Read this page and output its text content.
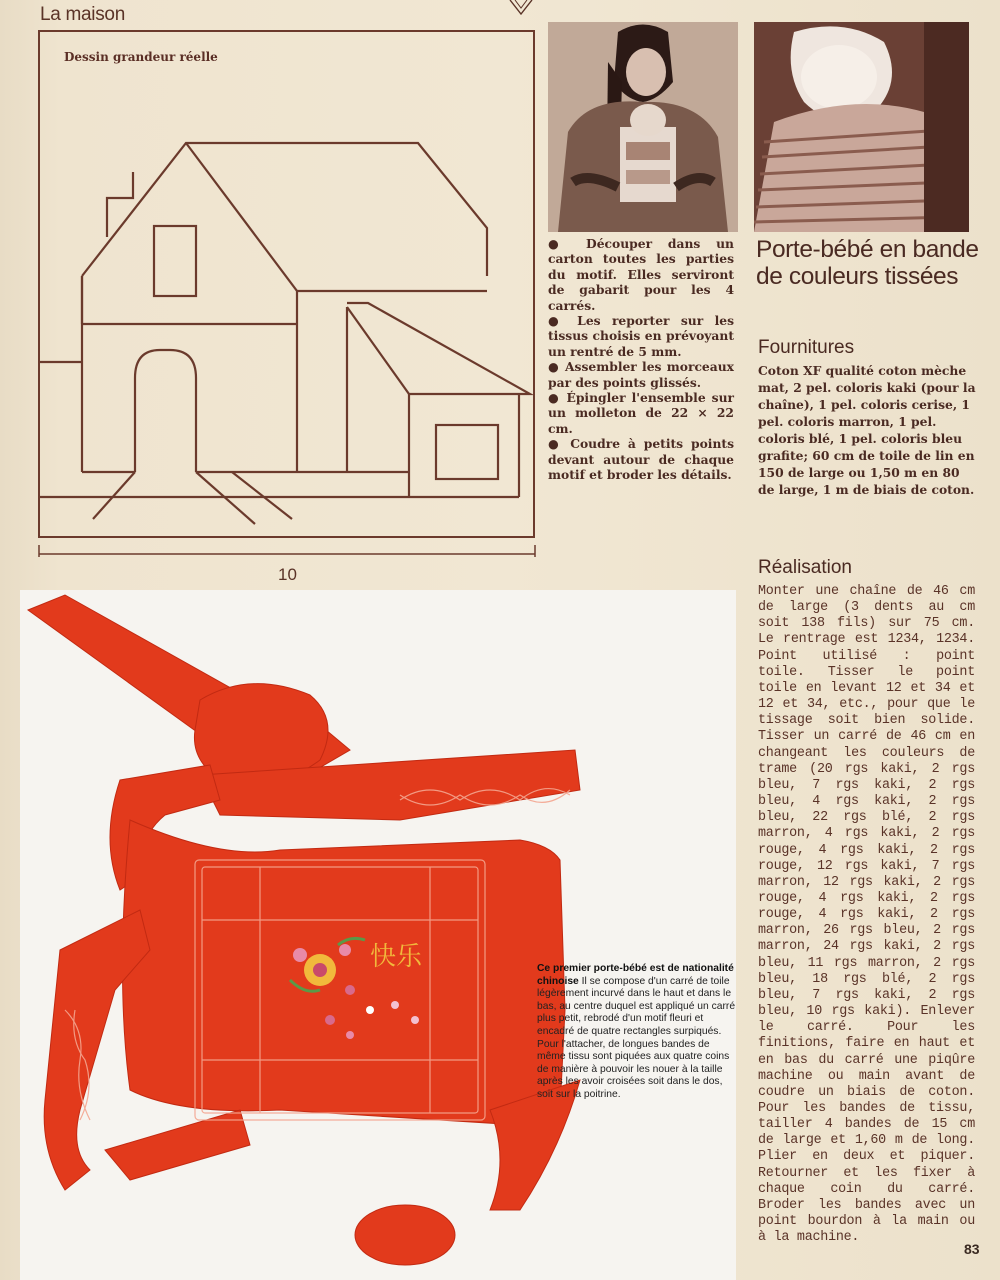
La maison
Dessin grandeur réelle
10

● Découper dans un carton toutes les parties du motif. Elles serviront de gabarit pour les 4 carrés.

● Les reporter sur les tissus choisis en prévoyant un rentré de 5 mm.

● Assembler les morceaux par des points glissés.

● Épingler l'ensemble sur un molleton de 22 × 22 cm.

● Coudre à petits points devant autour de chaque motif et broder les détails.

Porte-bébé en bande de couleurs tissées
Fournitures
Coton XF qualité coton mèche mat, 2 pel. coloris kaki (pour la chaîne), 1 pel. coloris cerise, 1 pel. coloris marron, 1 pel. coloris blé, 1 pel. coloris bleu grafite; 60 cm de toile de lin en 150 de large ou 1,50 m en 80 de large, 1 m de biais de coton.
Réalisation
Monter une chaîne de 46 cm de large (3 dents au cm soit 138 fils) sur 75 cm. Le rentrage est 1234, 1234. Point utilisé : point toile. Tisser le point toile en levant 12 et 34 et 12 et 34, etc., pour que le tissage soit bien solide. Tisser un carré de 46 cm en changeant les couleurs de trame (20 rgs kaki, 2 rgs bleu, 7 rgs kaki, 2 rgs bleu, 4 rgs kaki, 2 rgs bleu, 22 rgs blé, 2 rgs marron, 4 rgs kaki, 2 rgs rouge, 4 rgs kaki, 2 rgs rouge, 12 rgs kaki, 7 rgs marron, 12 rgs kaki, 2 rgs rouge, 4 rgs kaki, 2 rgs rouge, 4 rgs kaki, 2 rgs marron, 26 rgs bleu, 2 rgs marron, 24 rgs kaki, 2 rgs bleu, 11 rgs marron, 2 rgs bleu, 18 rgs blé, 2 rgs bleu, 7 rgs kaki, 2 rgs bleu, 10 rgs kaki). Enlever le carré. Pour les finitions, faire en haut et en bas du carré une piqûre machine ou main avant de coudre un biais de coton. Pour les bandes de tissu, tailler 4 bandes de 15 cm de large et 1,60 m de long. Plier en deux et piquer. Retourner et les fixer à chaque coin du carré. Broder les bandes avec un point bourdon à la main ou à la machine.
快乐	Ce premier porte-bébé est de nationalité chinoise Il se compose d'un carré de toile légèrement incurvé dans le haut et dans le bas, au centre duquel est appliqué un carré plus petit, rebrodé d'un motif fleuri et encadré de quatre rectangles surpiqués. Pour l'attacher, de longues bandes de même tissu sont piquées aux quatre coins de manière à pouvoir les nouer à la taille après les avoir croisées soit dans le dos, soit sur la poitrine.
83
